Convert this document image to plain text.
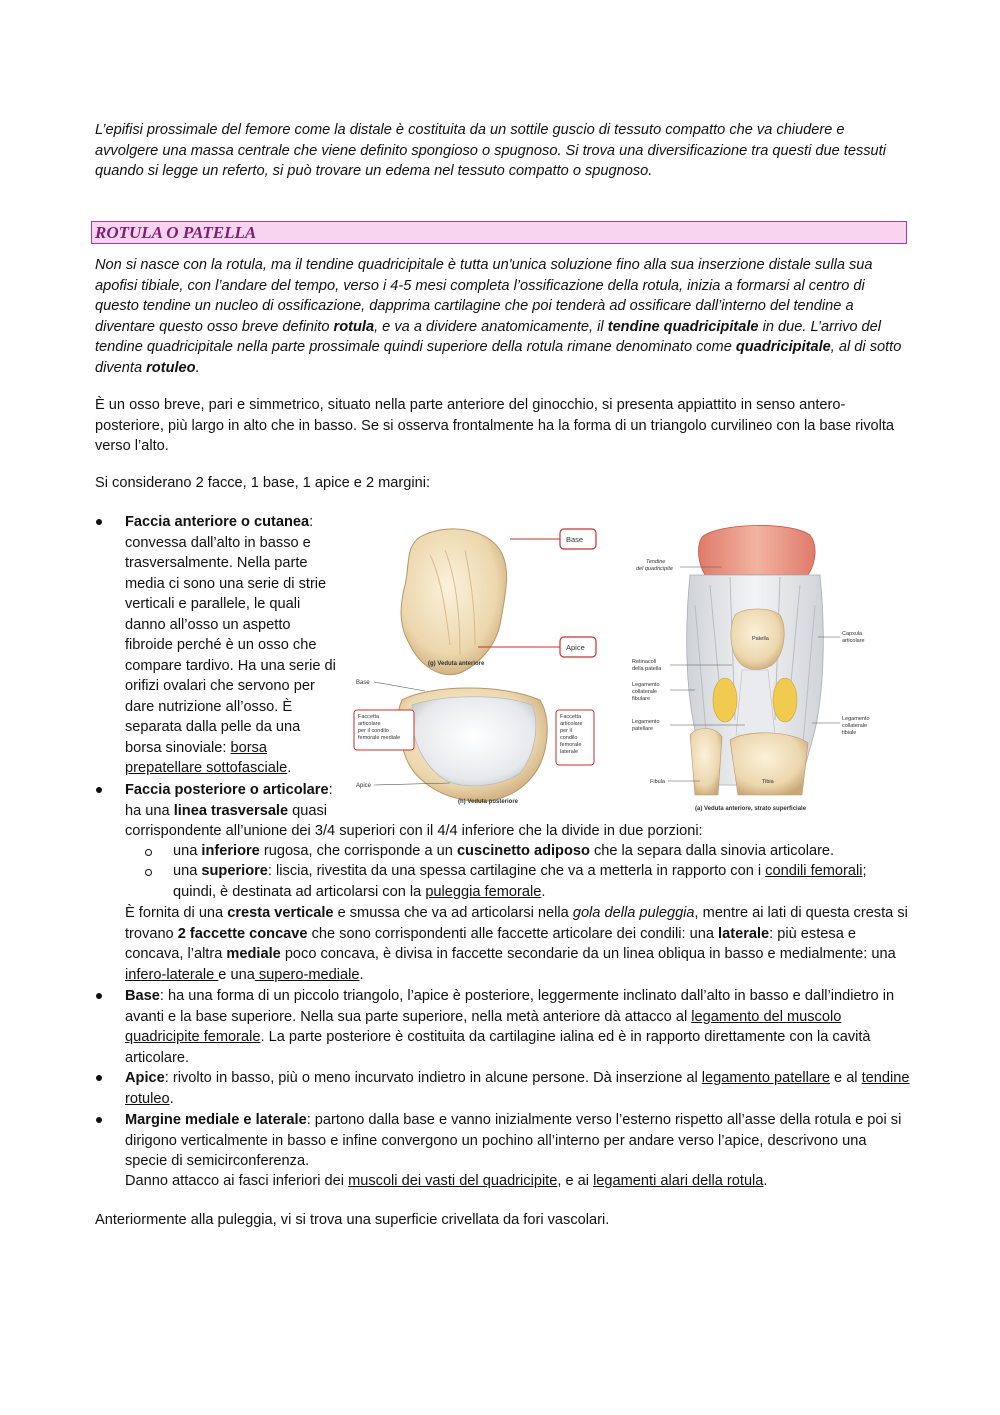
L’epifisi prossimale del femore come la distale è costituita da un sottile guscio di tessuto compatto che va chiudere e avvolgere una massa centrale che viene definito spongioso o spugnoso. Si trova una diversificazione tra questi due tessuti quando si legge un referto, si può trovare un edema nel tessuto compatto o spugnoso.

ROTULA O PATELLA

Non si nasce con la rotula, ma il tendine quadricipitale è tutta un'unica soluzione fino alla sua inserzione distale sulla sua apofisi tibiale, con l’andare del tempo, verso i 4-5 mesi completa l’ossificazione della rotula, inizia a formarsi al centro di questo tendine un nucleo di ossificazione, dapprima cartilagine che poi tenderà ad ossificare dall’interno del tendine a diventare questo osso breve definito rotula, e va a dividere anatomicamente, il tendine quadricipitale in due. L’arrivo del tendine quadricipitale nella parte prossimale quindi superiore della rotula rimane denominato come quadricipitale, al di sotto diventa rotuleo.

È un osso breve, pari e simmetrico, situato nella parte anteriore del ginocchio, si presenta appiattito in senso antero-posteriore, più largo in alto che in basso. Se si osserva frontalmente ha la forma di un triangolo curvilineo con la base rivolta verso l’alto.

Si considerano 2 facce, 1 base, 1 apice e 2 margini:

Faccia anteriore o cutanea: convessa dall’alto in basso e trasversalmente. Nella parte media ci sono una serie di strie verticali e parallele, le quali danno all’osso un aspetto fibroide perché è un osso che compare tardivo. Ha una serie di orifizi ovalari che servono per dare nutrizione all’osso. È separata dalla pelle da una borsa sinoviale: borsa prepatellare sottofasciale.

Faccia posteriore o articolare: ha una linea trasversale quasi

corrispondente all’unione dei 3/4 superiori con il 4/4 inferiore che la divide in due porzioni:

una inferiore rugosa, che corrisponde a un cuscinetto adiposo che la separa dalla sinovia articolare.

una superiore: liscia, rivestita da una spessa cartilagine che va a metterla in rapporto con i condili femorali; quindi, è destinata ad articolarsi con la puleggia femorale.

È fornita di una cresta verticale e smussa che va ad articolarsi nella gola della puleggia, mentre ai lati di questa cresta si trovano 2 faccette concave che sono corrispondenti alle faccette articolare dei condili: una laterale: più estesa e concava, l’altra mediale poco concava, è divisa in faccette secondarie da un linea obliqua in basso e medialmente: una infero-laterale e una supero-mediale.

Base: ha una forma di un piccolo triangolo, l’apice è posteriore, leggermente inclinato dall’alto in basso e dall’indietro in avanti e la base superiore. Nella sua parte superiore, nella metà anteriore dà attacco al legamento del muscolo quadricipite femorale. La parte posteriore è costituita da cartilagine ialina ed è in rapporto direttamente con la cavità articolare.

Apice: rivolto in basso, più o meno incurvato indietro in alcune persone. Dà inserzione al legamento patellare e al tendine rotuleo.

Margine mediale e laterale: partono dalla base e vanno inizialmente verso l’esterno rispetto all’asse della rotula e poi si dirigono verticalmente in basso e infine convergono un pochino all’interno per andare verso l’apice, descrivono una specie di semicirconferenza.

Danno attacco ai fasci inferiori dei muscoli dei vasti del quadricipite, e ai legamenti alari della rotula.

Anteriormente alla puleggia, vi si trova una superficie crivellata da fori vascolari.

Base
Apice
(g) Veduta anteriore
Base
Apice
Faccetta articolare per il condilo femorale mediale
Faccetta articolare per il condilo femorale laterale
(h) Veduta posteriore
Tendine del quadricipite
Patella
Capsula articolare
Retinacoli della patella
Legamento collaterale fibulare
Legamento patellare
Legamento collaterale tibiale
Fibula	Tibia
(a) Veduta anteriore, strato superficiale
